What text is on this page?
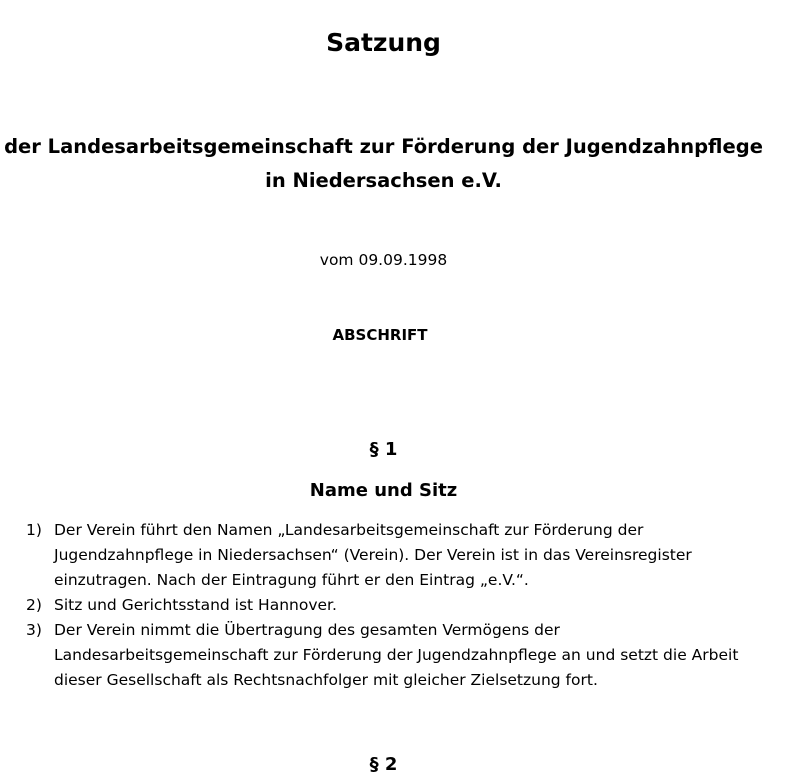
Satzung
der Landesarbeitsgemeinschaft zur Förderung der Jugendzahnpflege
in Niedersachsen e.V.
vom 09.09.1998
ABSCHRIFT
§ 1
Name und Sitz
1) Der Verein führt den Namen „Landesarbeitsgemeinschaft zur Förderung der Jugendzahnpflege in Niedersachsen“ (Verein). Der Verein ist in das Vereinsregister einzutragen. Nach der Eintragung führt er den Eintrag „e.V.“.
2) Sitz und Gerichtsstand ist Hannover.
3) Der Verein nimmt die Übertragung des gesamten Vermögens der Landesarbeitsgemeinschaft zur Förderung der Jugendzahnpflege an und setzt die Arbeit dieser Gesellschaft als Rechtsnachfolger mit gleicher Zielsetzung fort.
§ 2
